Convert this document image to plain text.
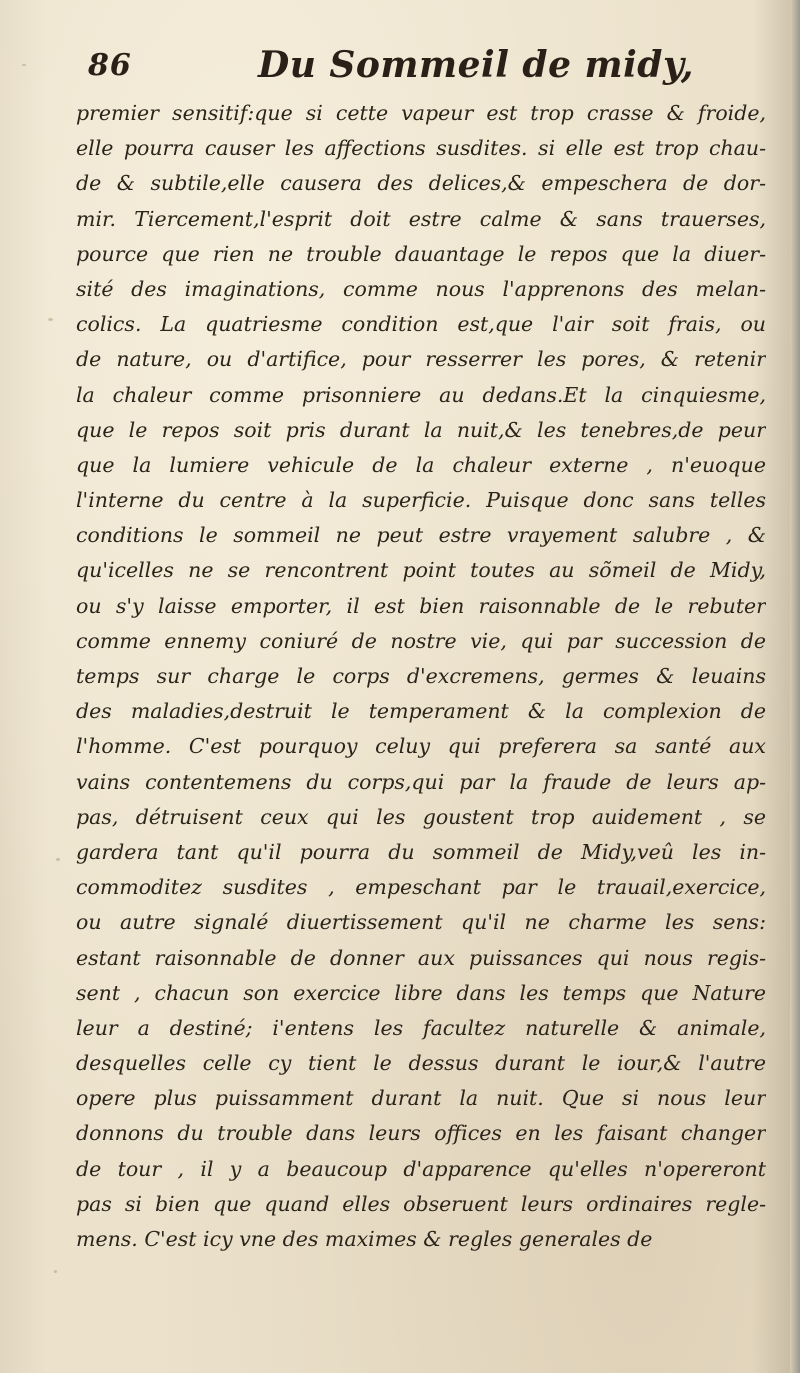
86	Du Sommeil de midy,
premier sensitif:que si cette vapeur est trop crasse & froide,
elle pourra causer les affections susdites. si elle est trop chau-
de & subtile,elle causera des delices,& empeschera de dor-
mir. Tiercement,l'esprit doit estre calme & sans trauerses,
pource que rien ne trouble dauantage le repos que la diuer-
sité des imaginations, comme nous l'apprenons des melan-
colics. La quatriesme condition est,que l'air soit frais, ou
de nature, ou d'artifice, pour resserrer les pores, & retenir
la chaleur comme prisonniere au dedans.Et la cinquiesme,
que le repos soit pris durant la nuit,& les tenebres,de peur
que la lumiere vehicule de la chaleur externe , n'euoque
l'interne du centre à la superficie. Puisque donc sans telles
conditions le sommeil ne peut estre vrayement salubre , &
qu'icelles ne se rencontrent point toutes au sõmeil de Midy,
ou s'y laisse emporter, il est bien raisonnable de le rebuter
comme ennemy coniuré de nostre vie, qui par succession de
temps sur charge le corps d'excremens, germes & leuains
des maladies,destruit le temperament & la complexion de
l'homme. C'est pourquoy celuy qui preferera sa santé aux
vains contentemens du corps,qui par la fraude de leurs ap-
pas, détruisent ceux qui les goustent trop auidement , se
gardera tant qu'il pourra du sommeil de Midy,veû les in-
commoditez susdites , empeschant par le trauail,exercice,
ou autre signalé diuertissement qu'il ne charme les sens:
estant raisonnable de donner aux puissances qui nous regis-
sent , chacun son exercice libre dans les temps que Nature
leur a destiné; i'entens les facultez naturelle & animale,
desquelles celle cy tient le dessus durant le iour,& l'autre
opere plus puissamment durant la nuit. Que si nous leur
donnons du trouble dans leurs offices en les faisant changer
de tour , il y a beaucoup d'apparence qu'elles n'opereront
pas si bien que quand elles obseruent leurs ordinaires regle-
mens. C'est icy vne des maximes & regles generales de
